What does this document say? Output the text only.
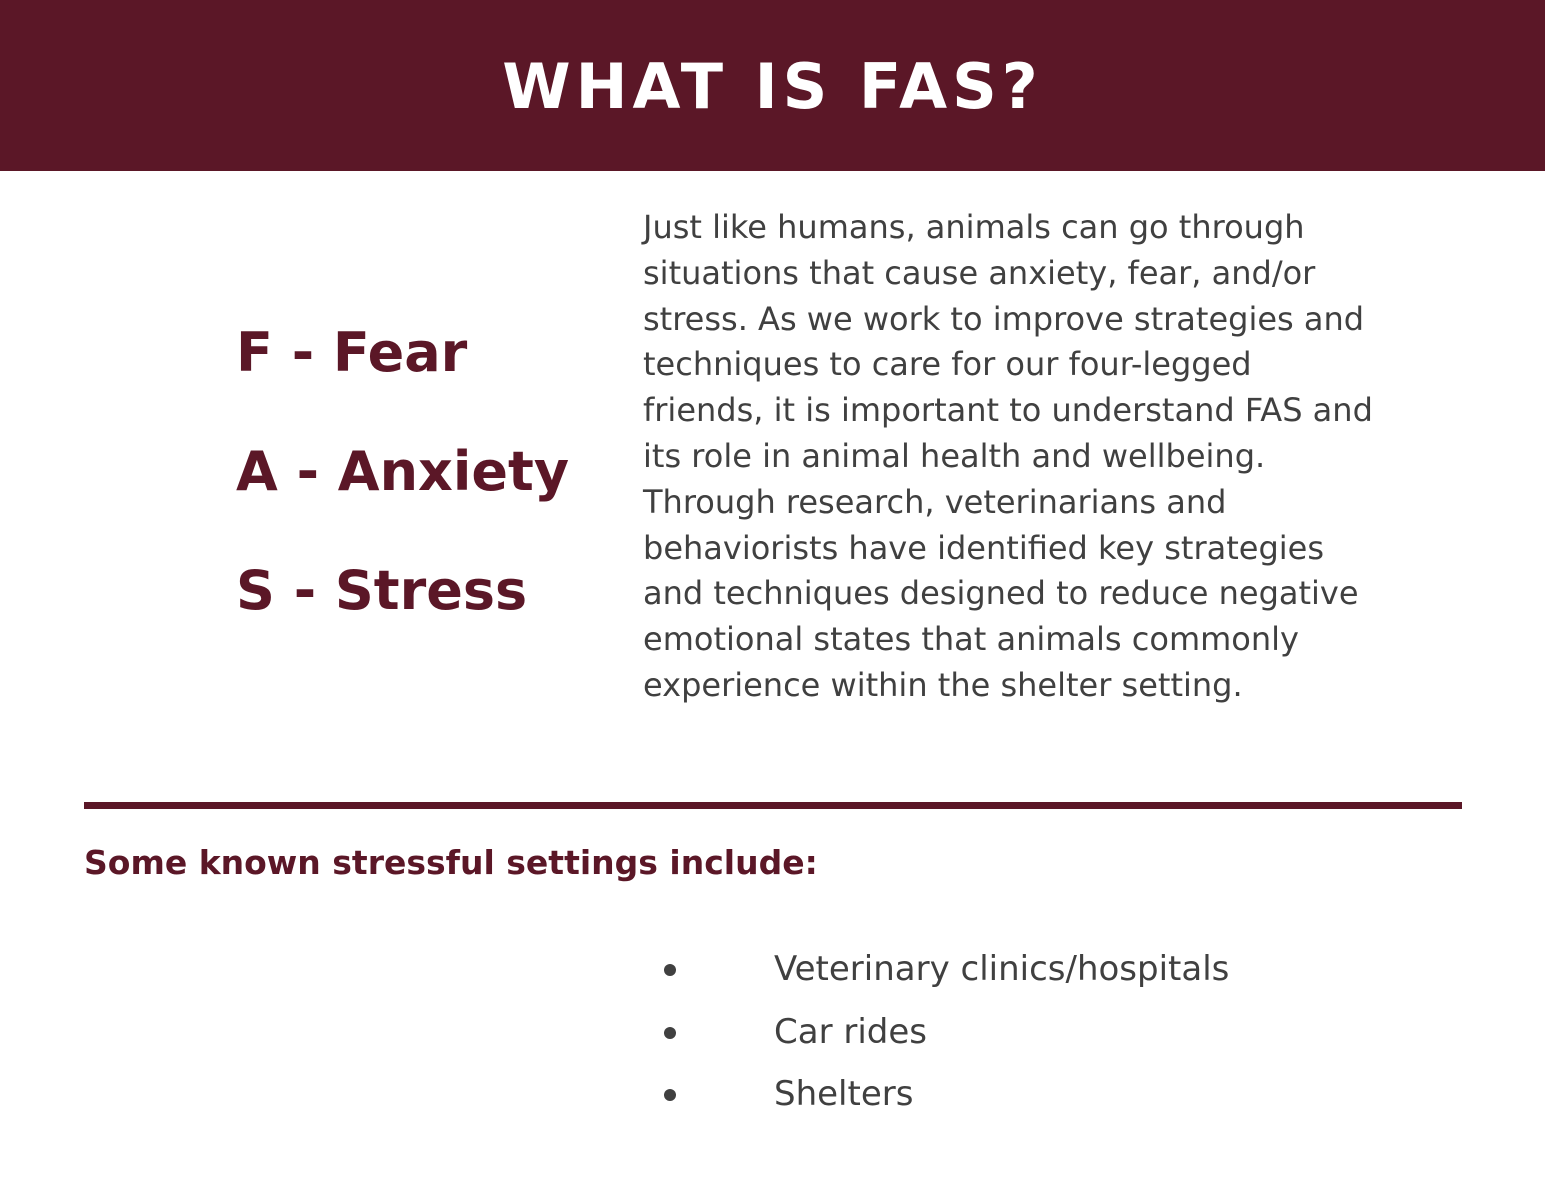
WHAT IS FAS?
F - Fear
A - Anxiety
S - Stress

Just like humans, animals can go through situations that cause anxiety, fear, and/or stress. As we work to improve strategies and techniques to care for our four-legged friends, it is important to understand FAS and its role in animal health and wellbeing. Through research, veterinarians and behaviorists have identified key strategies and techniques designed to reduce negative emotional states that animals commonly experience within the shelter setting.

Some known stressful settings include:
Veterinary clinics/hospitals
Car rides
Shelters
